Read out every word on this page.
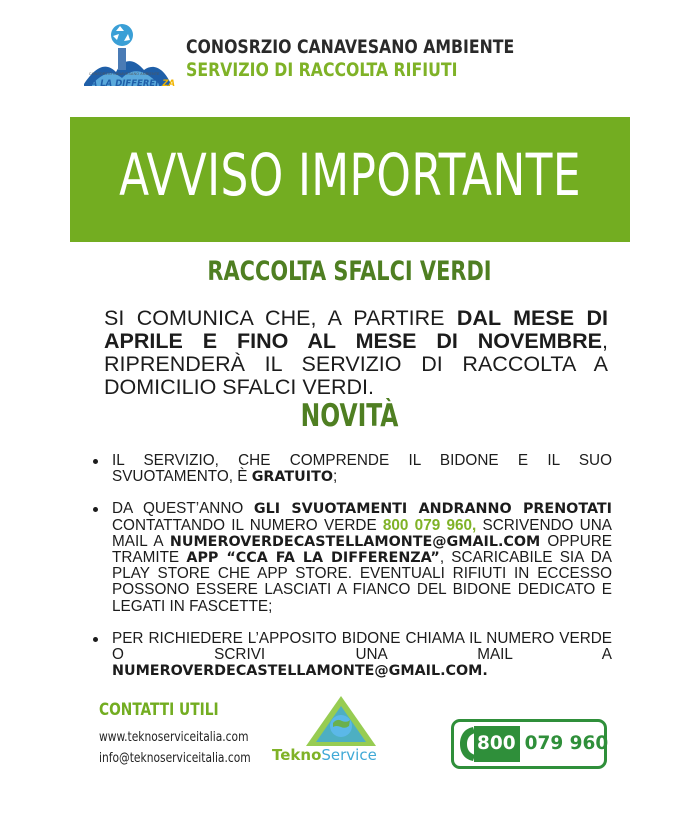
CONSORZIO CANAVESANO AMBIENTE
FA LA DIFFERENZA
CONOSRZIO CANAVESANO AMBIENTE
SERVIZIO DI RACCOLTA RIFIUTI
AVVISO IMPORTANTE
RACCOLTA SFALCI VERDI
SI COMUNICA CHE, A PARTIRE DAL MESE DI APRILE E FINO AL MESE DI NOVEMBRE, RIPRENDERÀ IL SERVIZIO DI RACCOLTA A DOMICILIO SFALCI VERDI.
NOVITÀ
IL SERVIZIO, CHE COMPRENDE IL BIDONE E IL SUO SVUOTAMENTO, È GRATUITO;
DA QUEST’ANNO GLI SVUOTAMENTI ANDRANNO PRENOTATI CONTATTANDO IL NUMERO VERDE 800 079 960, SCRIVENDO UNA MAIL A NUMEROVERDECASTELLAMONTE@GMAIL.COM OPPURE TRAMITE APP “CCA FA LA DIFFERENZA”, SCARICABILE SIA DA PLAY STORE CHE APP STORE. EVENTUALI RIFIUTI IN ECCESSO POSSONO ESSERE LASCIATI A FIANCO DEL BIDONE DEDICATO E LEGATI IN FASCETTE;
PER RICHIEDERE L’APPOSITO BIDONE CHIAMA IL NUMERO VERDE O SCRIVI UNA MAIL A
NUMEROVERDECASTELLAMONTE@GMAIL.COM.
CONTATTI UTILI
www.teknoserviceitalia.com
info@teknoserviceitalia.com TeknoService
800 079 960
